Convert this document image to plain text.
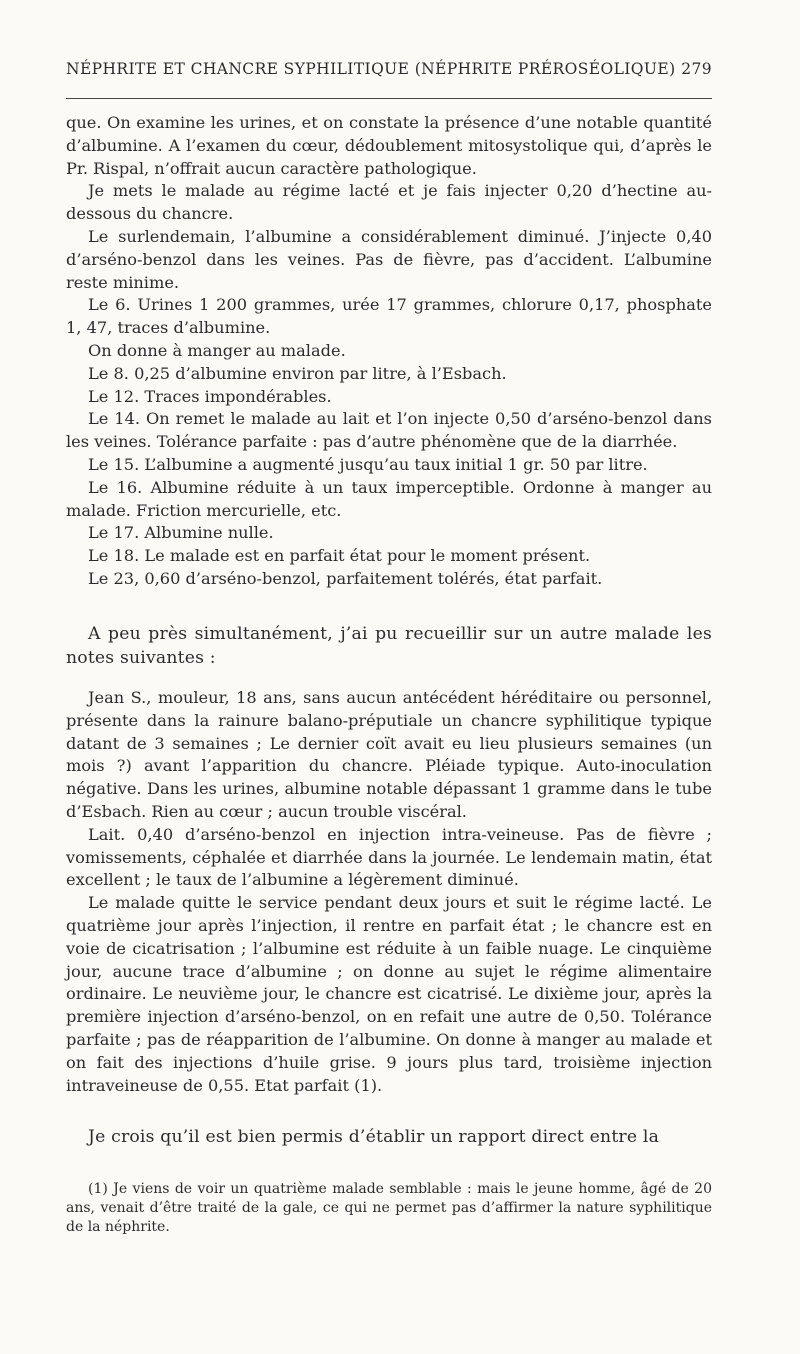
NÉPHRITE ET CHANCRE SYPHILITIQUE (NÉPHRITE PRÉROSÉOLIQUE) 279

que. On examine les urines, et on constate la présence d’une notable quantité d’albumine. A l’examen du cœur, dédoublement mitosystolique qui, d’après le Pr. Rispal, n’offrait aucun caractère pathologique.

Je mets le malade au régime lacté et je fais injecter 0,20 d’hectine au-dessous du chancre.

Le surlendemain, l’albumine a considérablement diminué. J’injecte 0,40 d’arséno-benzol dans les veines. Pas de fièvre, pas d’accident. L’albumine reste minime.

Le 6. Urines 1 200 grammes, urée 17 grammes, chlorure 0,17, phosphate 1, 47, traces d’albumine.

On donne à manger au malade.

Le 8. 0,25 d’albumine environ par litre, à l’Esbach.

Le 12. Traces impondérables.

Le 14. On remet le malade au lait et l’on injecte 0,50 d’arséno-benzol dans les veines. Tolérance parfaite : pas d’autre phénomène que de la diarrhée.

Le 15. L’albumine a augmenté jusqu’au taux initial 1 gr. 50 par litre.

Le 16. Albumine réduite à un taux imperceptible. Ordonne à manger au malade. Friction mercurielle, etc.

Le 17. Albumine nulle.

Le 18. Le malade est en parfait état pour le moment présent.

Le 23, 0,60 d’arséno-benzol, parfaitement tolérés, état parfait.

A peu près simultanément, j’ai pu recueillir sur un autre malade les notes suivantes :

Jean S., mouleur, 18 ans, sans aucun antécédent héréditaire ou personnel, présente dans la rainure balano-préputiale un chancre syphilitique typique datant de 3 semaines ; Le dernier coït avait eu lieu plusieurs semaines (un mois ?) avant l’apparition du chancre. Pléiade typique. Auto-inoculation négative. Dans les urines, albumine notable dépassant 1 gramme dans le tube d’Esbach. Rien au cœur ; aucun trouble viscéral.

Lait. 0,40 d’arséno-benzol en injection intra-veineuse. Pas de fièvre ; vomissements, céphalée et diarrhée dans la journée. Le lendemain matin, état excellent ; le taux de l’albumine a légèrement diminué.

Le malade quitte le service pendant deux jours et suit le régime lacté. Le quatrième jour après l’injection, il rentre en parfait état ; le chancre est en voie de cicatrisation ; l’albumine est réduite à un faible nuage. Le cinquième jour, aucune trace d’albumine ; on donne au sujet le régime alimentaire ordinaire. Le neuvième jour, le chancre est cicatrisé. Le dixième jour, après la première injection d’arséno-benzol, on en refait une autre de 0,50. Tolérance parfaite ; pas de réapparition de l’albumine. On donne à manger au malade et on fait des injections d’huile grise. 9 jours plus tard, troisième injection intraveineuse de 0,55. Etat parfait (1).

Je crois qu’il est bien permis d’établir un rapport direct entre la

(1) Je viens de voir un quatrième malade semblable : mais le jeune homme, âgé de 20 ans, venait d’être traité de la gale, ce qui ne permet pas d’affirmer la nature syphilitique de la néphrite.
